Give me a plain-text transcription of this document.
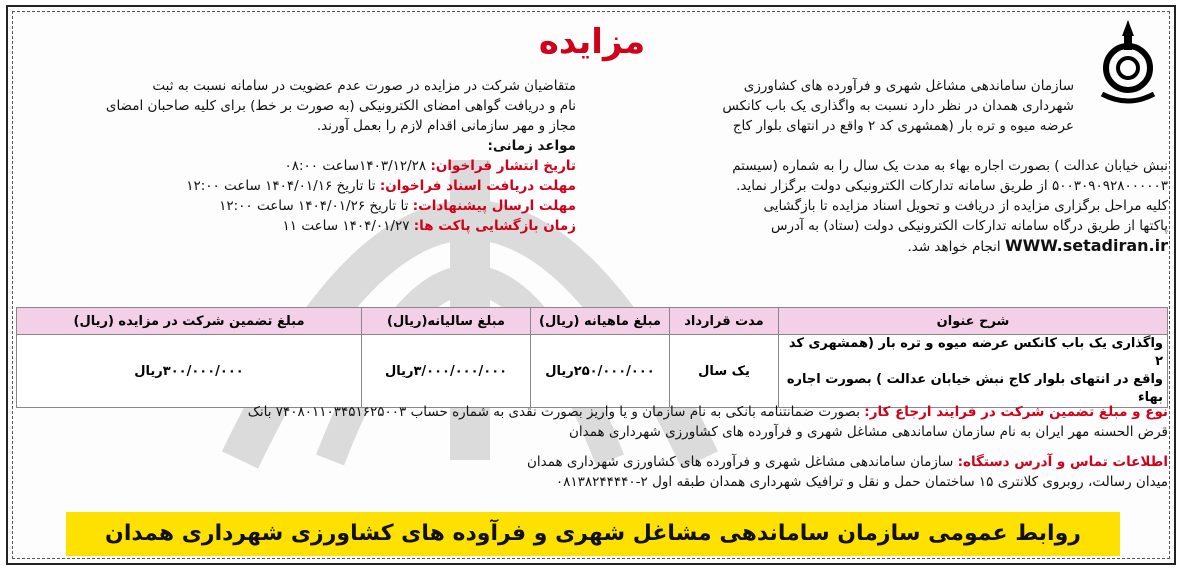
مزایده
سازمان ساماندهی مشاغل شهری و فرآورده های کشاورزی
شهرداری همدان در نظر دارد نسبت به واگذاری یک باب کانکس
عرضه میوه و تره بار (همشهری کد ۲ واقع در انتهای بلوار کاج
نبش خیابان عدالت ) بصورت اجاره بهاء به مدت یک سال را به شماره (سیستم
۵۰۰۳۰۹۰۹۲۸۰۰۰۰۰۳ از طریق سامانه تدارکات الکترونیکی دولت برگزار نماید.
کلیه مراحل برگزاری مزایده از دریافت و تحویل اسناد مزایده تا بازگشایی
پاکتها از طریق درگاه سامانه تدارکات الکترونیکی دولت (ستاد) به آدرس
WWW.setadiran.ir انجام خواهد شد.
متقاضیان شرکت در مزایده در صورت عدم عضویت در سامانه نسبت به ثبت
نام و دریافت گواهی امضای الکترونیکی (به صورت بر خط) برای کلیه صاحبان امضای
مجاز و مهر سازمانی اقدام لازم را بعمل آورند.
مواعد زمانی:
تاریخ انتشار فراخوان: ۱۴۰۳/۱۲/۲۸ساعت ۰۸:۰۰
مهلت دریافت اسناد فراخوان: تا تاریخ ۱۴۰۴/۰۱/۱۶ ساعت ۱۲:۰۰
مهلت ارسال پیشنهادات: تا تاریخ ۱۴۰۴/۰۱/۲۶ ساعت ۱۲:۰۰
زمان بازگشایی پاکت ها: ۱۴۰۴/۰۱/۲۷ ساعت ۱۱
شرح عنوان	مدت قرارداد	مبلغ ماهیانه (ریال)	مبلغ سالیانه(ریال)	مبلغ تضمین شرکت در مزایده (ریال)

واگذاری یک باب کانکس عرضه میوه و تره بار (همشهری کد ۲
واقع در انتهای بلوار کاج نبش خیابان عدالت ) بصورت اجاره بهاء	یک سال	۲۵۰/۰۰۰/۰۰۰ریال	۳/۰۰۰/۰۰۰/۰۰۰ریال	۳۰۰/۰۰۰/۰۰۰ریال
نوع و مبلغ تضمین شرکت در فرایند ارجاع کار: بصورت ضمانتنامه بانکی به نام سازمان و یا واریز بصورت نقدی به شماره حساب ۷۴۰۸۰۱۱۰۳۴۵۱۶۲۵۰۰۳ بانک
قرض الحسنه مهر ایران به نام سازمان ساماندهی مشاغل شهری و فرآورده های کشاورزی شهرداری همدان
اطلاعات تماس و آدرس دستگاه: سازمان ساماندهی مشاغل شهری و فرآورده های کشاورزی شهرداری همدان
میدان رسالت، روبروی کلانتری ۱۵ ساختمان حمل و نقل و ترافیک شهرداری همدان طبقه اول ۲-۰۸۱۳۸۲۴۴۴۴۰
روابط عمومی سازمان ساماندهی مشاغل شهری و فرآوده های کشاورزی شهرداری همدان
